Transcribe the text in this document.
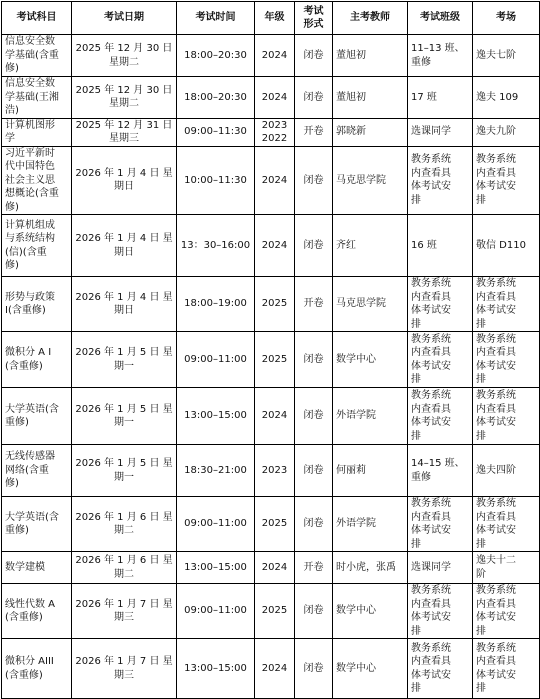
考试科目	考试日期	考试时间	年级	考试
形式	主考教师	考试班级	考场

信息安全数
学基础(含重
修)	2025 年 12 月 30 日
星期二	18:00–20:30	2024	闭卷	董旭初	11–13 班、
重修	逸夫七阶

信息安全数
学基础(王湘
浩)	2025 年 12 月 30 日
星期二	18:00–20:30	2024	闭卷	董旭初	17 班	逸夫 109

计算机图形
学	2025 年 12 月 31 日
星期三	09:00–11:30	2023
2022	开卷	郭晓新	选课同学	逸夫九阶

习近平新时
代中国特色
社会主义思
想概论(含重
修)	2026 年 1 月 4 日 星
期日	10:00–11:30	2024	闭卷	马克思学院	教务系统
内查看具
体考试安
排	教务系统
内查看具
体考试安
排

计算机组成
与系统结构
(信)(含重
修)	2026 年 1 月 4 日 星
期日	13：30–16:00	2024	闭卷	齐红	16 班	敬信 D110

形势与政策
I(含重修)	2026 年 1 月 4 日 星
期日	18:00–19:00	2025	开卷	马克思学院	教务系统
内查看具
体考试安
排	教务系统
内查看具
体考试安
排

微积分 A I
(含重修)	2026 年 1 月 5 日 星
期一	09:00–11:00	2025	闭卷	数学中心	教务系统
内查看具
体考试安
排	教务系统
内查看具
体考试安
排

大学英语(含
重修)	2026 年 1 月 5 日 星
期一	13:00–15:00	2024	闭卷	外语学院	教务系统
内查看具
体考试安
排	教务系统
内查看具
体考试安
排

无线传感器
网络(含重
修)	2026 年 1 月 5 日 星
期一	18:30–21:00	2023	闭卷	何丽莉	14–15 班、
重修	逸夫四阶

大学英语(含
重修)	2026 年 1 月 6 日 星
期二	09:00–11:00	2025	闭卷	外语学院	教务系统
内查看具
体考试安
排	教务系统
内查看具
体考试安
排

数学建模	2026 年 1 月 6 日 星
期二	13:00–15:00	2024	开卷	时小虎，张禹	选课同学	逸夫十二
阶

线性代数 A
(含重修)	2026 年 1 月 7 日 星
期三	09:00–11:00	2025	闭卷	数学中心	教务系统
内查看具
体考试安
排	教务系统
内查看具
体考试安
排

微积分 AIII
(含重修)	2026 年 1 月 7 日 星
期三	13:00–15:00	2024	闭卷	数学中心	教务系统
内查看具
体考试安
排	教务系统
内查看具
体考试安
排
